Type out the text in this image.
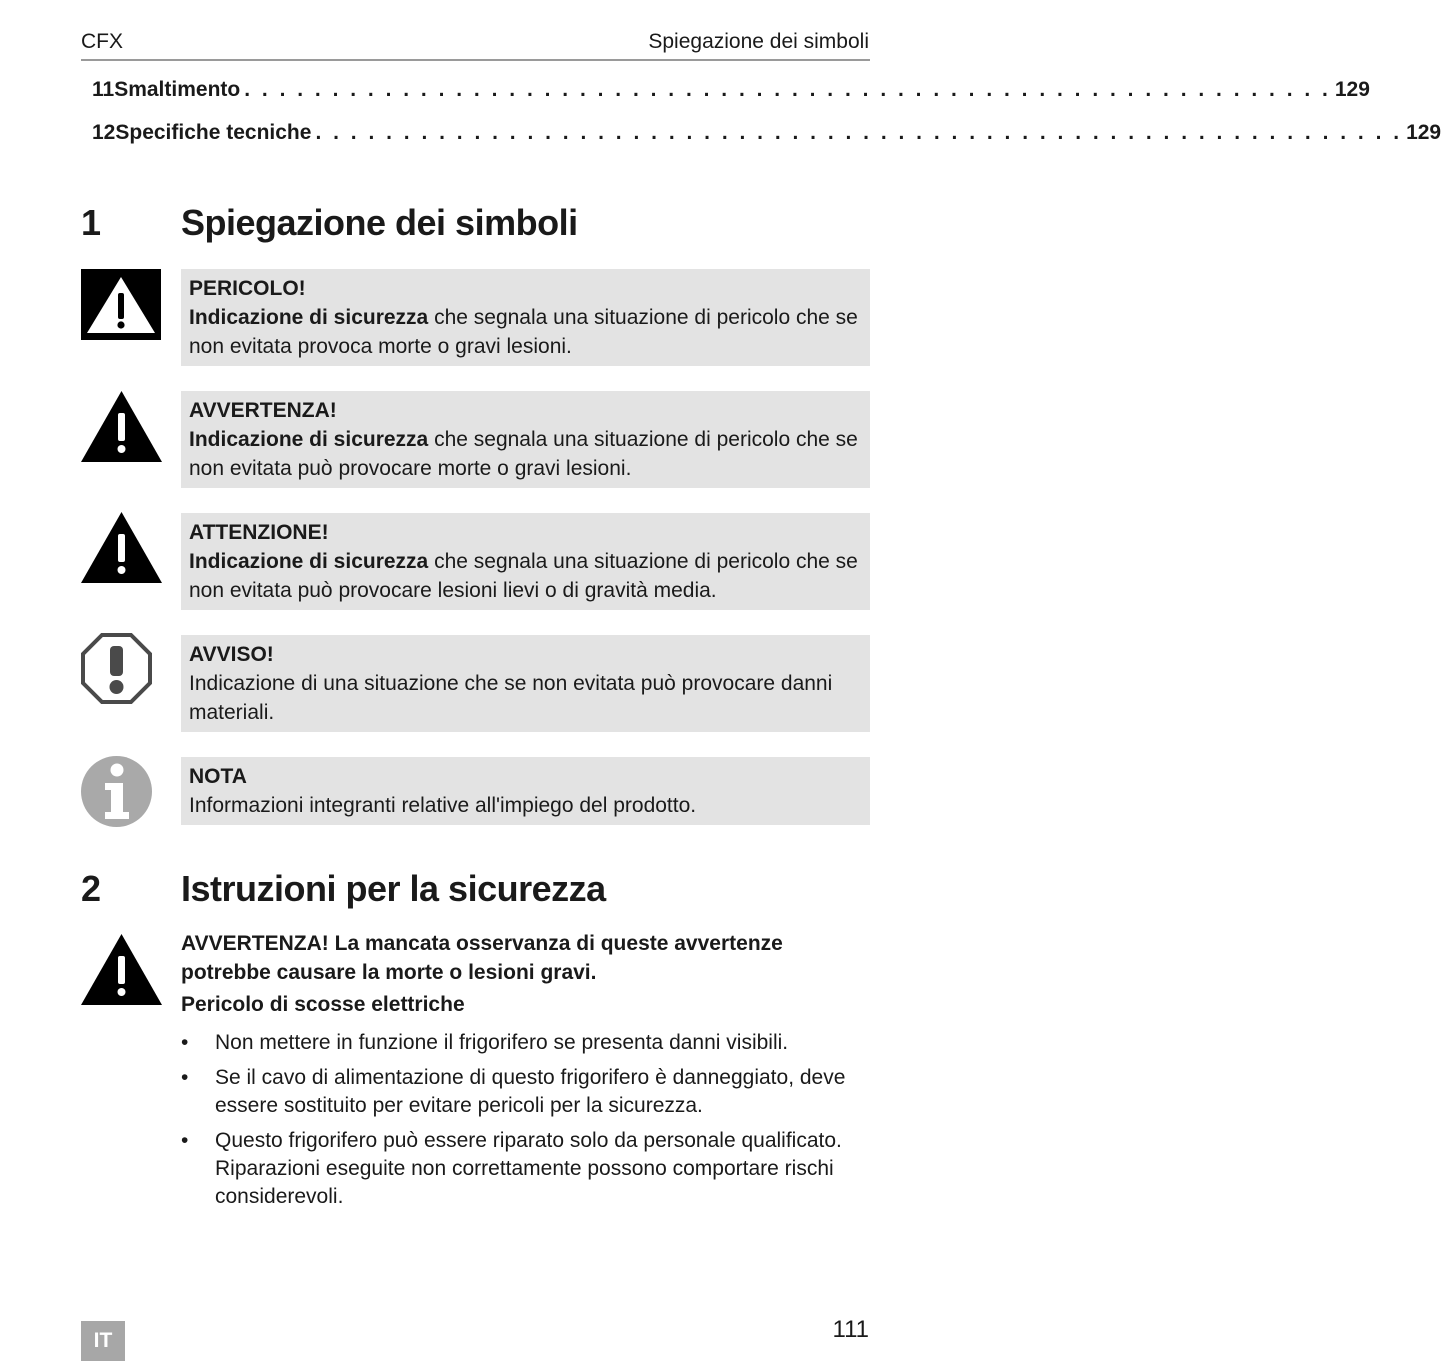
CFX	Spiegazione dei simboli
11 Smaltimento . . . . . . . . . . . . . . . . . . . . . . . . . . . . . . . . . . . . . . . . . . . . . . . . . . . . . . . . . . . . . . 129
12 Specifiche tecniche . . . . . . . . . . . . . . . . . . . . . . . . . . . . . . . . . . . . . . . . . . . . . . . . . . . . . . . . . . . . . . 129
1 Spiegazione dei simboli
PERICOLO!
Indicazione di sicurezza che segnala una situazione di pericolo che se non evitata provoca morte o gravi lesioni.
AVVERTENZA!
Indicazione di sicurezza che segnala una situazione di pericolo che se non evitata può provocare morte o gravi lesioni.
ATTENZIONE!
Indicazione di sicurezza che segnala una situazione di pericolo che se non evitata può provocare lesioni lievi o di gravità media.
AVVISO!
Indicazione di una situazione che se non evitata può provocare danni materiali.
NOTA
Informazioni integranti relative all'impiego del prodotto.
2 Istruzioni per la sicurezza
AVVERTENZA! La mancata osservanza di queste avvertenze potrebbe causare la morte o lesioni gravi.
Pericolo di scosse elettriche
• Non mettere in funzione il frigorifero se presenta danni visibili.
• Se il cavo di alimentazione di questo frigorifero è danneggiato, deve essere sostituito per evitare pericoli per la sicurezza.
• Questo frigorifero può essere riparato solo da personale qualificato. Riparazioni eseguite non correttamente possono comportare rischi considerevoli.
IT	111
